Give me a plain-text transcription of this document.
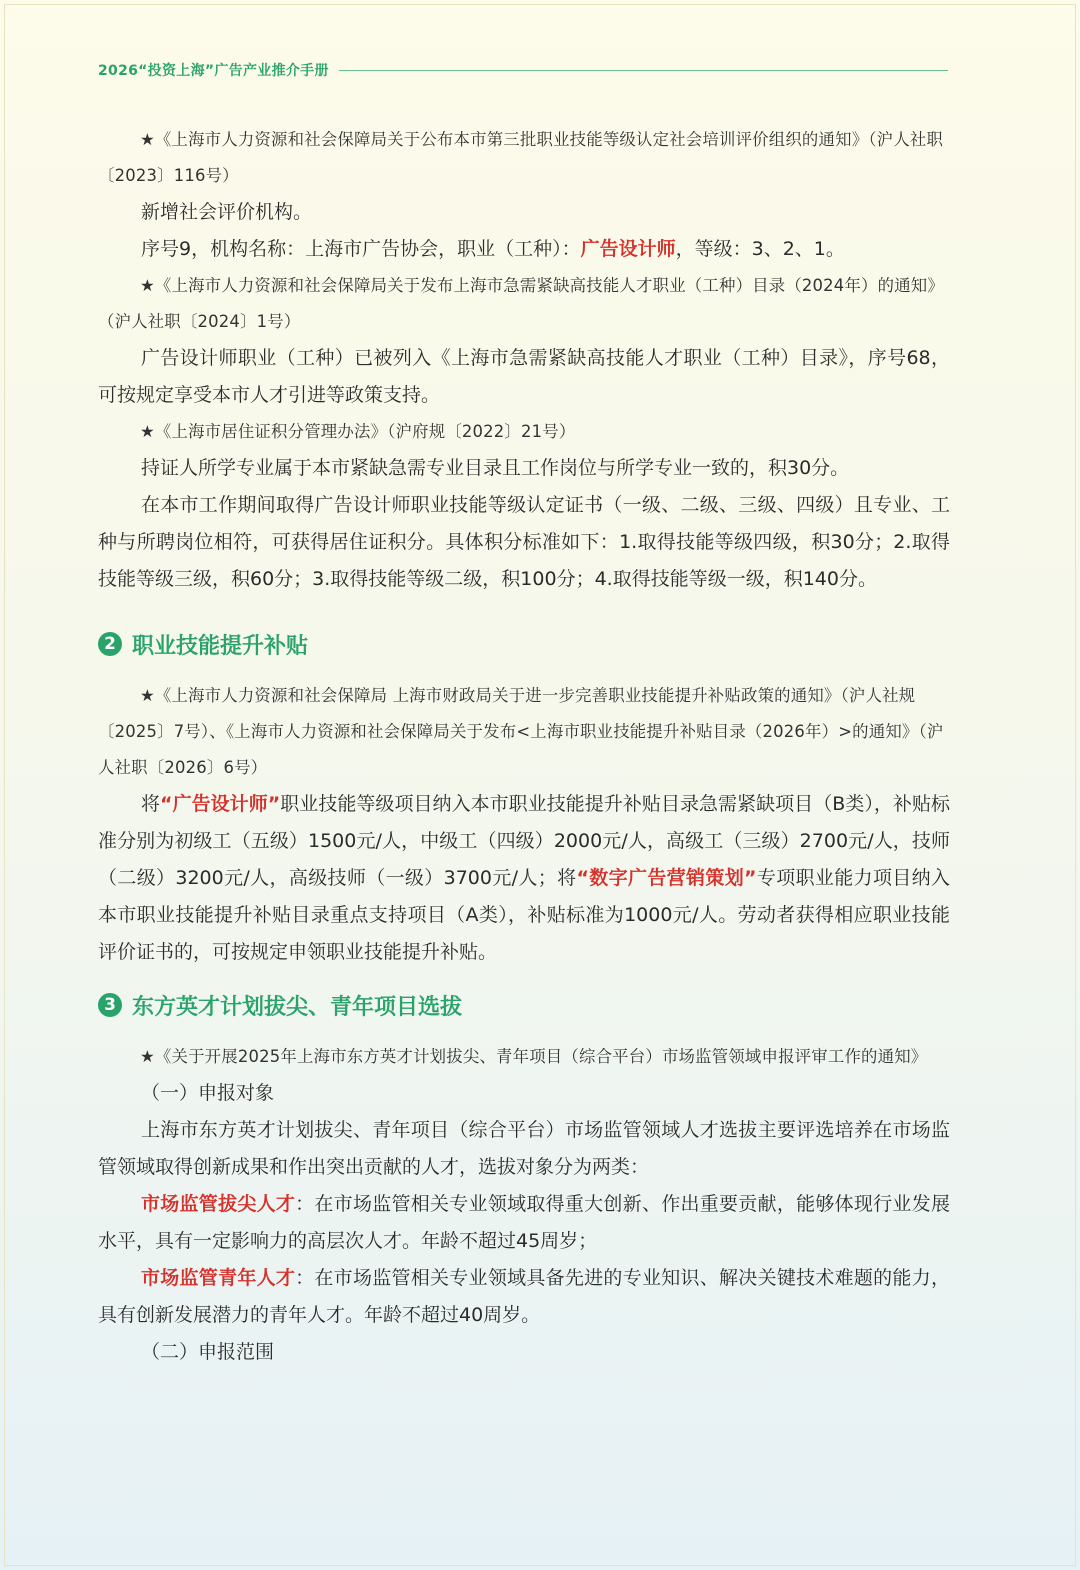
2026“投资上海”广告产业推介手册

★《上海市人力资源和社会保障局关于公布本市第三批职业技能等级认定社会培训评价组织的通知》（沪人社职〔2023〕116号）

新增社会评价机构。

序号9，机构名称：上海市广告协会，职业（工种）：广告设计师，等级：3、2、1。

★《上海市人力资源和社会保障局关于发布上海市急需紧缺高技能人才职业（工种）目录（2024年）的通知》（沪人社职〔2024〕1号）

广告设计师职业（工种）已被列入《上海市急需紧缺高技能人才职业（工种）目录》，序号68，可按规定享受本市人才引进等政策支持。

★《上海市居住证积分管理办法》（沪府规〔2022〕21号）

持证人所学专业属于本市紧缺急需专业目录且工作岗位与所学专业一致的，积30分。

在本市工作期间取得广告设计师职业技能等级认定证书（一级、二级、三级、四级）且专业、工种与所聘岗位相符，可获得居住证积分。具体积分标准如下：1.取得技能等级四级，积30分；2.取得技能等级三级，积60分；3.取得技能等级二级，积100分；4.取得技能等级一级，积140分。

2 职业技能提升补贴

★《上海市人力资源和社会保障局 上海市财政局关于进一步完善职业技能提升补贴政策的通知》（沪人社规〔2025〕7号）、《上海市人力资源和社会保障局关于发布<上海市职业技能提升补贴目录（2026年）>的通知》（沪人社职〔2026〕6号）

将“广告设计师”职业技能等级项目纳入本市职业技能提升补贴目录急需紧缺项目（B类），补贴标准分别为初级工（五级）1500元/人，中级工（四级）2000元/人，高级工（三级）2700元/人，技师（二级）3200元/人，高级技师（一级）3700元/人；将“数字广告营销策划”专项职业能力项目纳入本市职业技能提升补贴目录重点支持项目（A类），补贴标准为1000元/人。劳动者获得相应职业技能评价证书的，可按规定申领职业技能提升补贴。

3 东方英才计划拔尖、青年项目选拔

★《关于开展2025年上海市东方英才计划拔尖、青年项目（综合平台）市场监管领域申报评审工作的通知》

（一）申报对象

上海市东方英才计划拔尖、青年项目（综合平台）市场监管领域人才选拔主要评选培养在市场监管领域取得创新成果和作出突出贡献的人才，选拔对象分为两类：

市场监管拔尖人才：在市场监管相关专业领域取得重大创新、作出重要贡献，能够体现行业发展水平，具有一定影响力的高层次人才。年龄不超过45周岁；

市场监管青年人才：在市场监管相关专业领域具备先进的专业知识、解决关键技术难题的能力，具有创新发展潜力的青年人才。年龄不超过40周岁。

（二）申报范围
